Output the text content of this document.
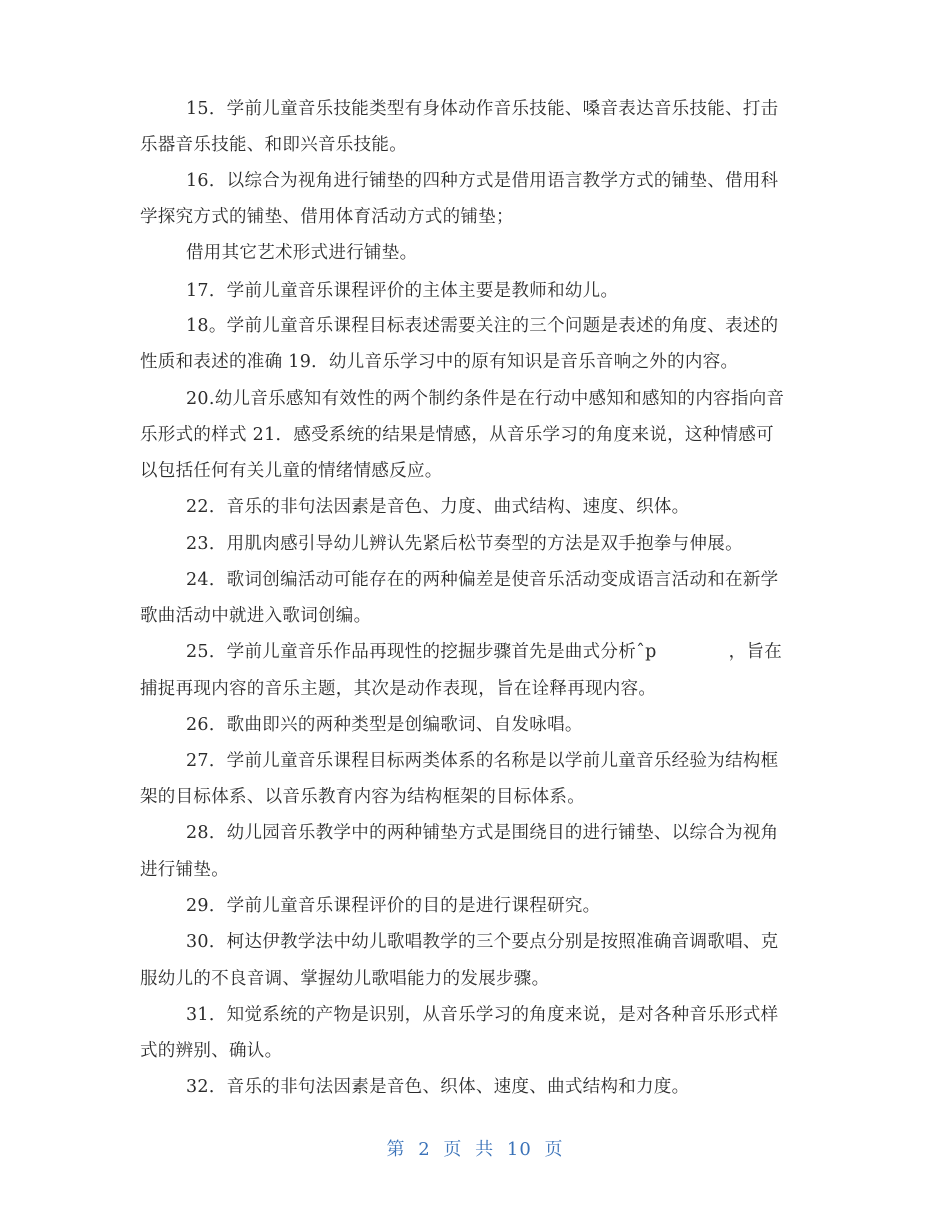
15．学前儿童音乐技能类型有身体动作音乐技能、嗓音表达音乐技能、打击
乐器音乐技能、和即兴音乐技能。
16．以综合为视角进行铺垫的四种方式是借用语言教学方式的铺垫、借用科
学探究方式的铺垫、借用体育活动方式的铺垫；
借用其它艺术形式进行铺垫。
17．学前儿童音乐课程评价的主体主要是教师和幼儿。
18。学前儿童音乐课程目标表述需要关注的三个问题是表述的角度、表述的
性质和表述的准确 19．幼儿音乐学习中的原有知识是音乐音响之外的内容。
20.幼儿音乐感知有效性的两个制约条件是在行动中感知和感知的内容指向音
乐形式的样式 21．感受系统的结果是情感，从音乐学习的角度来说，这种情感可
以包括任何有关儿童的情绪情感反应。
22．音乐的非句法因素是音色、力度、曲式结构、速度、织体。
23．用肌肉感引导幼儿辨认先紧后松节奏型的方法是双手抱拳与伸展。
24．歌词创编活动可能存在的两种偏差是使音乐活动变成语言活动和在新学
歌曲活动中就进入歌词创编。
25．学前儿童音乐作品再现性的挖掘步骤首先是曲式分析ˆp	，旨在
捕捉再现内容的音乐主题，其次是动作表现，旨在诠释再现内容。
26．歌曲即兴的两种类型是创编歌词、自发咏唱。
27．学前儿童音乐课程目标两类体系的名称是以学前儿童音乐经验为结构框
架的目标体系、以音乐教育内容为结构框架的目标体系。
28．幼儿园音乐教学中的两种铺垫方式是围绕目的进行铺垫、以综合为视角
进行铺垫。
29．学前儿童音乐课程评价的目的是进行课程研究。
30．柯达伊教学法中幼儿歌唱教学的三个要点分别是按照准确音调歌唱、克
服幼儿的不良音调、掌握幼儿歌唱能力的发展步骤。
31．知觉系统的产物是识别，从音乐学习的角度来说，是对各种音乐形式样
式的辨别、确认。
32．音乐的非句法因素是音色、织体、速度、曲式结构和力度。
第 2 页 共 10 页
